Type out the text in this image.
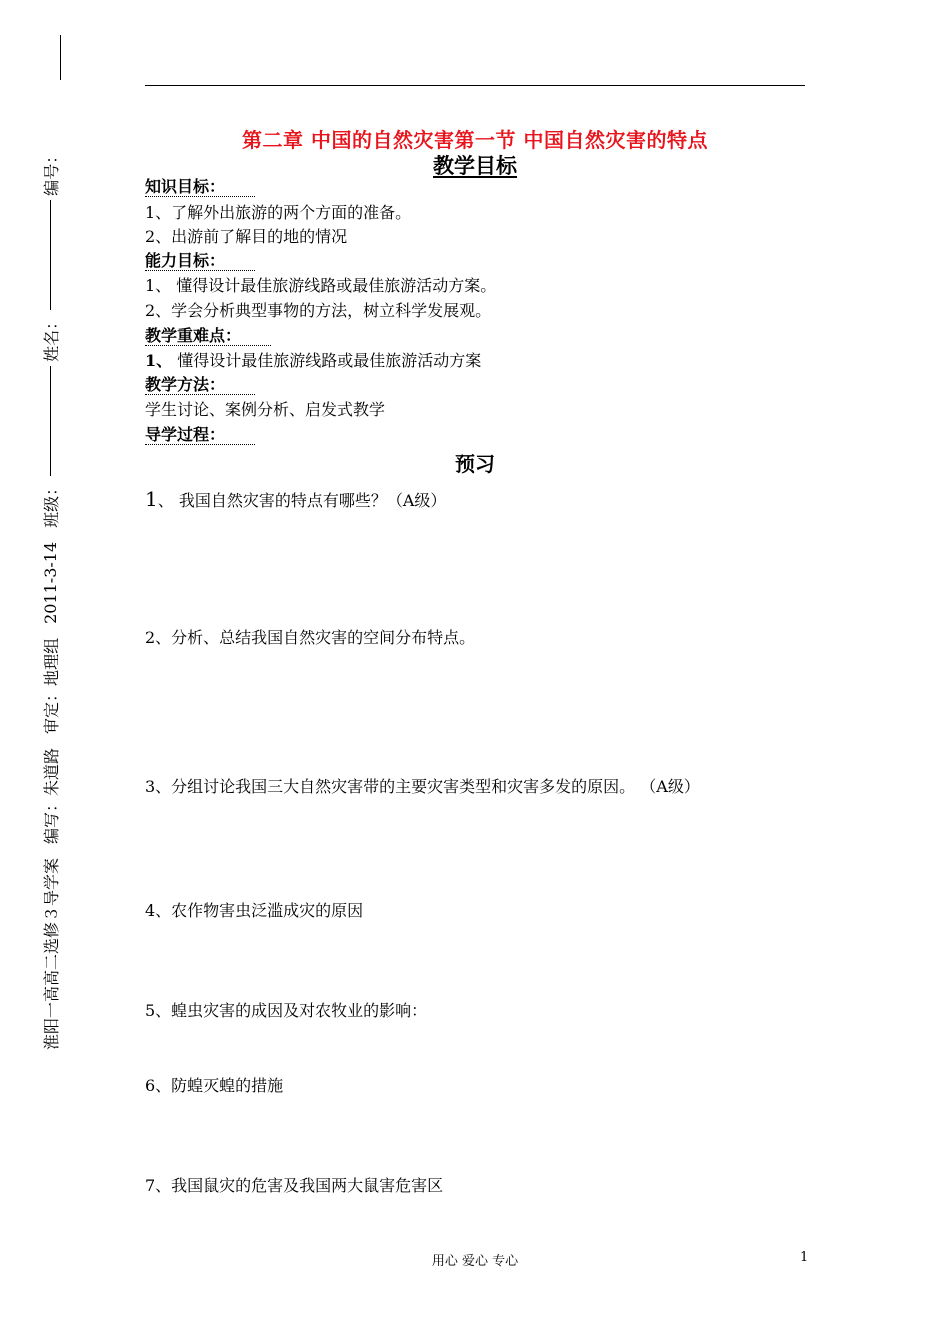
淮阳一高高二选修３导学案
编写：
朱道路
审定：
地理组
2011-3-14
班级：
姓名：
编号：
第二章 中国的自然灾害第一节 中国自然灾害的特点
教学目标
知识目标：
1、了解外出旅游的两个方面的准备。
2、出游前了解目的地的情况
能力目标：
1、 懂得设计最佳旅游线路或最佳旅游活动方案。
2、学会分析典型事物的方法，树立科学发展观。
教学重难点：
1、 懂得设计最佳旅游线路或最佳旅游活动方案
教学方法：
学生讨论、案例分析、启发式教学
导学过程：
预习
1、 我国自然灾害的特点有哪些？（A级）
2、分析、总结我国自然灾害的空间分布特点。
3、分组讨论我国三大自然灾害带的主要灾害类型和灾害多发的原因。 （A级）
4、农作物害虫泛滥成灾的原因
5、蝗虫灾害的成因及对农牧业的影响：
6、防蝗灭蝗的措施
7、我国鼠灾的危害及我国两大鼠害危害区
用心 爱心 专心	1
